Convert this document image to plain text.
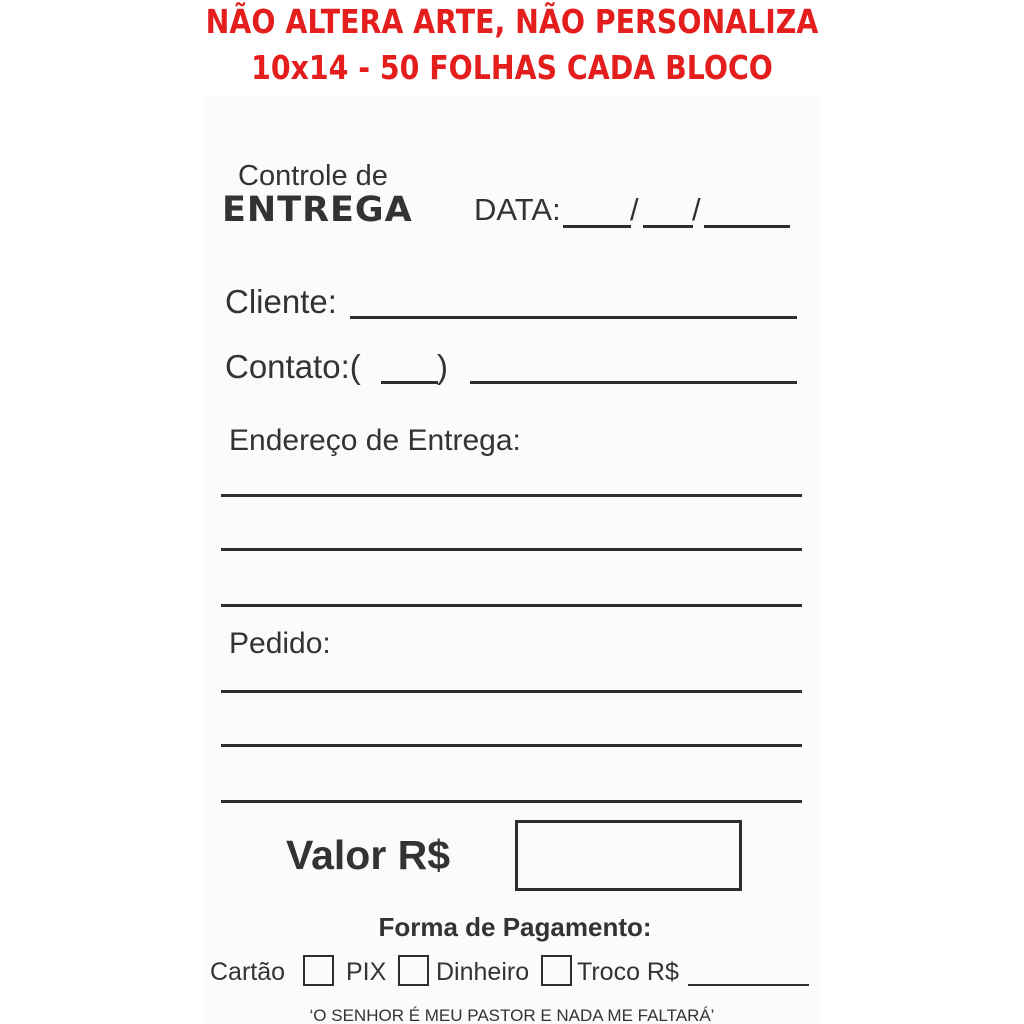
NÃO ALTERA ARTE, NÃO PERSONALIZA
10x14 - 50 FOLHAS CADA BLOCO
Controle de
ENTREGA DATA: / /
Cliente:
Contato:( )
Endereço de Entrega:
Pedido:
Valor R$
Forma de Pagamento:
Cartão PIX Dinheiro Troco R$
‘O SENHOR É MEU PASTOR E NADA ME FALTARÁ’
